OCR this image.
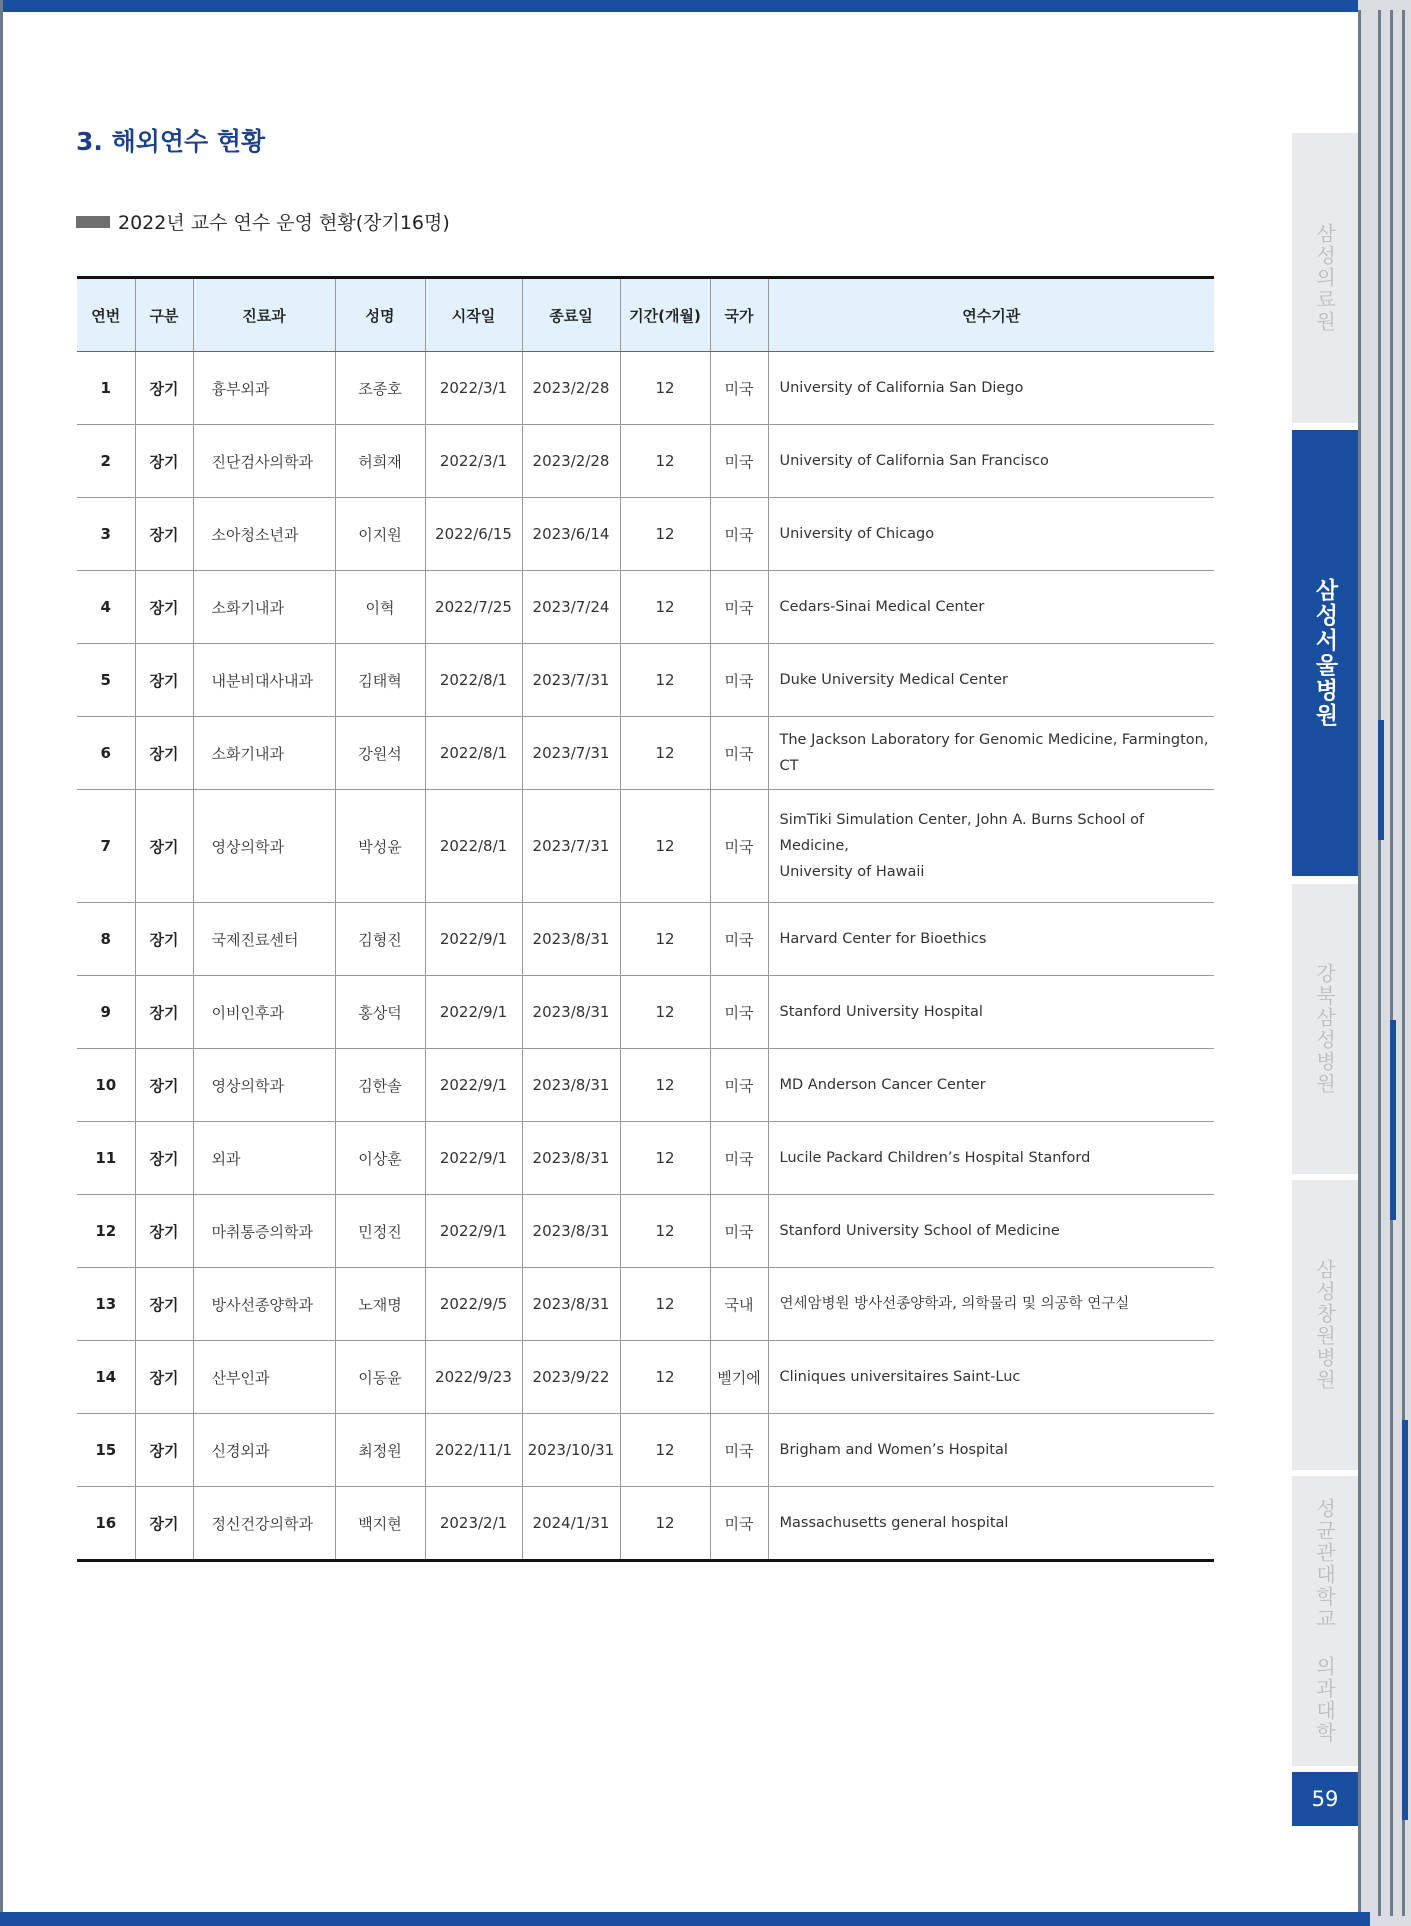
3. 해외연수 현황
2022년 교수 연수 운영 현황(장기16명)
연번	구분	진료과	성명	시작일	종료일	기간(개월)	국가	연수기관
1	장기	흉부외과	조종호	2022/3/1	2023/2/28	12	미국	University of California San Diego

2	장기	진단검사의학과	허희재	2022/3/1	2023/2/28	12	미국	University of California San Francisco

3	장기	소아청소년과	이지원	2022/6/15	2023/6/14	12	미국	University of Chicago

4	장기	소화기내과	이혁	2022/7/25	2023/7/24	12	미국	Cedars-Sinai Medical Center

5	장기	내분비대사내과	김태혁	2022/8/1	2023/7/31	12	미국	Duke University Medical Center

6	장기	소화기내과	강원석	2022/8/1	2023/7/31	12	미국	The Jackson Laboratory for Genomic Medicine, Farmington, CT

7	장기	영상의학과	박성윤	2022/8/1	2023/7/31	12	미국	SimTiki Simulation Center, John A. Burns School of Medicine,
University of Hawaii

8	장기	국제진료센터	김형진	2022/9/1	2023/8/31	12	미국	Harvard Center for Bioethics

9	장기	이비인후과	홍상덕	2022/9/1	2023/8/31	12	미국	Stanford University Hospital

10	장기	영상의학과	김한솔	2022/9/1	2023/8/31	12	미국	MD Anderson Cancer Center

11	장기	외과	이상훈	2022/9/1	2023/8/31	12	미국	Lucile Packard Children’s Hospital Stanford

12	장기	마취통증의학과	민정진	2022/9/1	2023/8/31	12	미국	Stanford University School of Medicine

13	장기	방사선종양학과	노재명	2022/9/5	2023/8/31	12	국내	연세암병원 방사선종양학과, 의학물리 및 의공학 연구실

14	장기	산부인과	이동윤	2022/9/23	2023/9/22	12	벨기에	Cliniques universitaires Saint-Luc

15	장기	신경외과	최정원	2022/11/1	2023/10/31	12	미국	Brigham and Women’s Hospital

16	장기	정신건강의학과	백지현	2023/2/1	2024/1/31	12	미국	Massachusetts general hospital
삼성의료원
삼성서울병원
강북삼성병원
삼성창원병원
성균관대학교 의과대학
59
